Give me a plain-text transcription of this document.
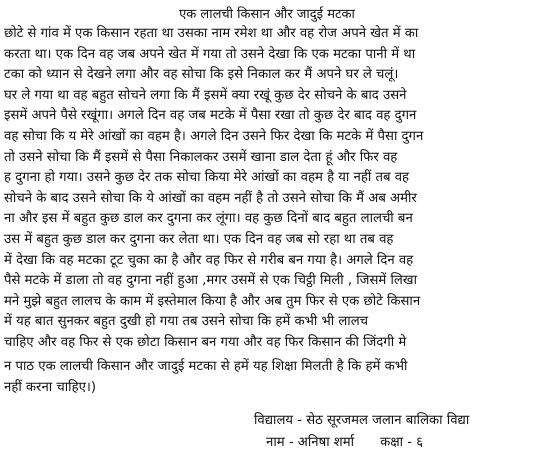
एक लालची किसान और जादुई मटका
छोटे से गांव में एक किसान रहता था उसका नाम रमेश था और वह रोज अपने खेत में का
करता था। एक दिन वह जब अपने खेत में गया तो उसने देखा कि एक मटका पानी में था
टका को ध्यान से देखने लगा और वह सोचा कि इसे निकाल कर मैं अपने घर ले चलूं।
घर ले गया था वह बहुत सोचने लगा कि मैं इसमें क्या रखूं कुछ देर सोचने के बाद उसने
इसमें अपने पैसे रखूंगा। अगले दिन वह जब मटके में पैसा रखा तो कुछ देर बाद वह दुगन
वह सोचा कि य मेरे आंखों का वहम है। अगले दिन उसने फिर देखा कि मटके में पैसा दुगन
तो उसने सोचा कि मैं इसमें से पैसा निकालकर उसमें खाना डाल देता हूं और फिर वह
ह दुगना हो गया। उसने कुछ देर तक सोचा किया मेरे आंखों का वहम है या नहीं तब वह
सोचने के बाद उसने सोचा कि ये आंखों का वहम नहीं है तो उसने सोचा कि मैं अब अमीर
ना और इस में बहुत कुछ डाल कर दुगना कर लूंगा। वह कुछ दिनों बाद बहुत लालची बन
उस में बहुत कुछ डाल कर दुगना कर लेता था। एक दिन वह जब सो रहा था तब वह
में देखा कि वह मटका टूट चुका का है और वह फिर से गरीब बन गया है। अगले दिन वह
पैसे मटके में डाला तो वह दुगना नहीं हुआ ,मगर उसमें से एक चिट्ठी मिली , जिसमें लिखा
मने मुझे बहुत लालच के काम में इस्तेमाल किया है और अब तुम फिर से एक छोटे किसान
में यह बात सुनकर बहुत दुखी हो गया तब उसने सोचा कि हमें कभी भी लालच
चाहिए और वह फिर से एक छोटा किसान बन गया और वह फिर किसान की जिंदगी मे
न पाठ एक लालची किसान और जादुई मटका से हमें यह शिक्षा मिलती है कि हमें कभी
नहीं करना चाहिए।)
विद्यालय - सेठ सूरजमल जलान बालिका विद्या
नाम - अनिषा शर्मा कक्षा - ६
